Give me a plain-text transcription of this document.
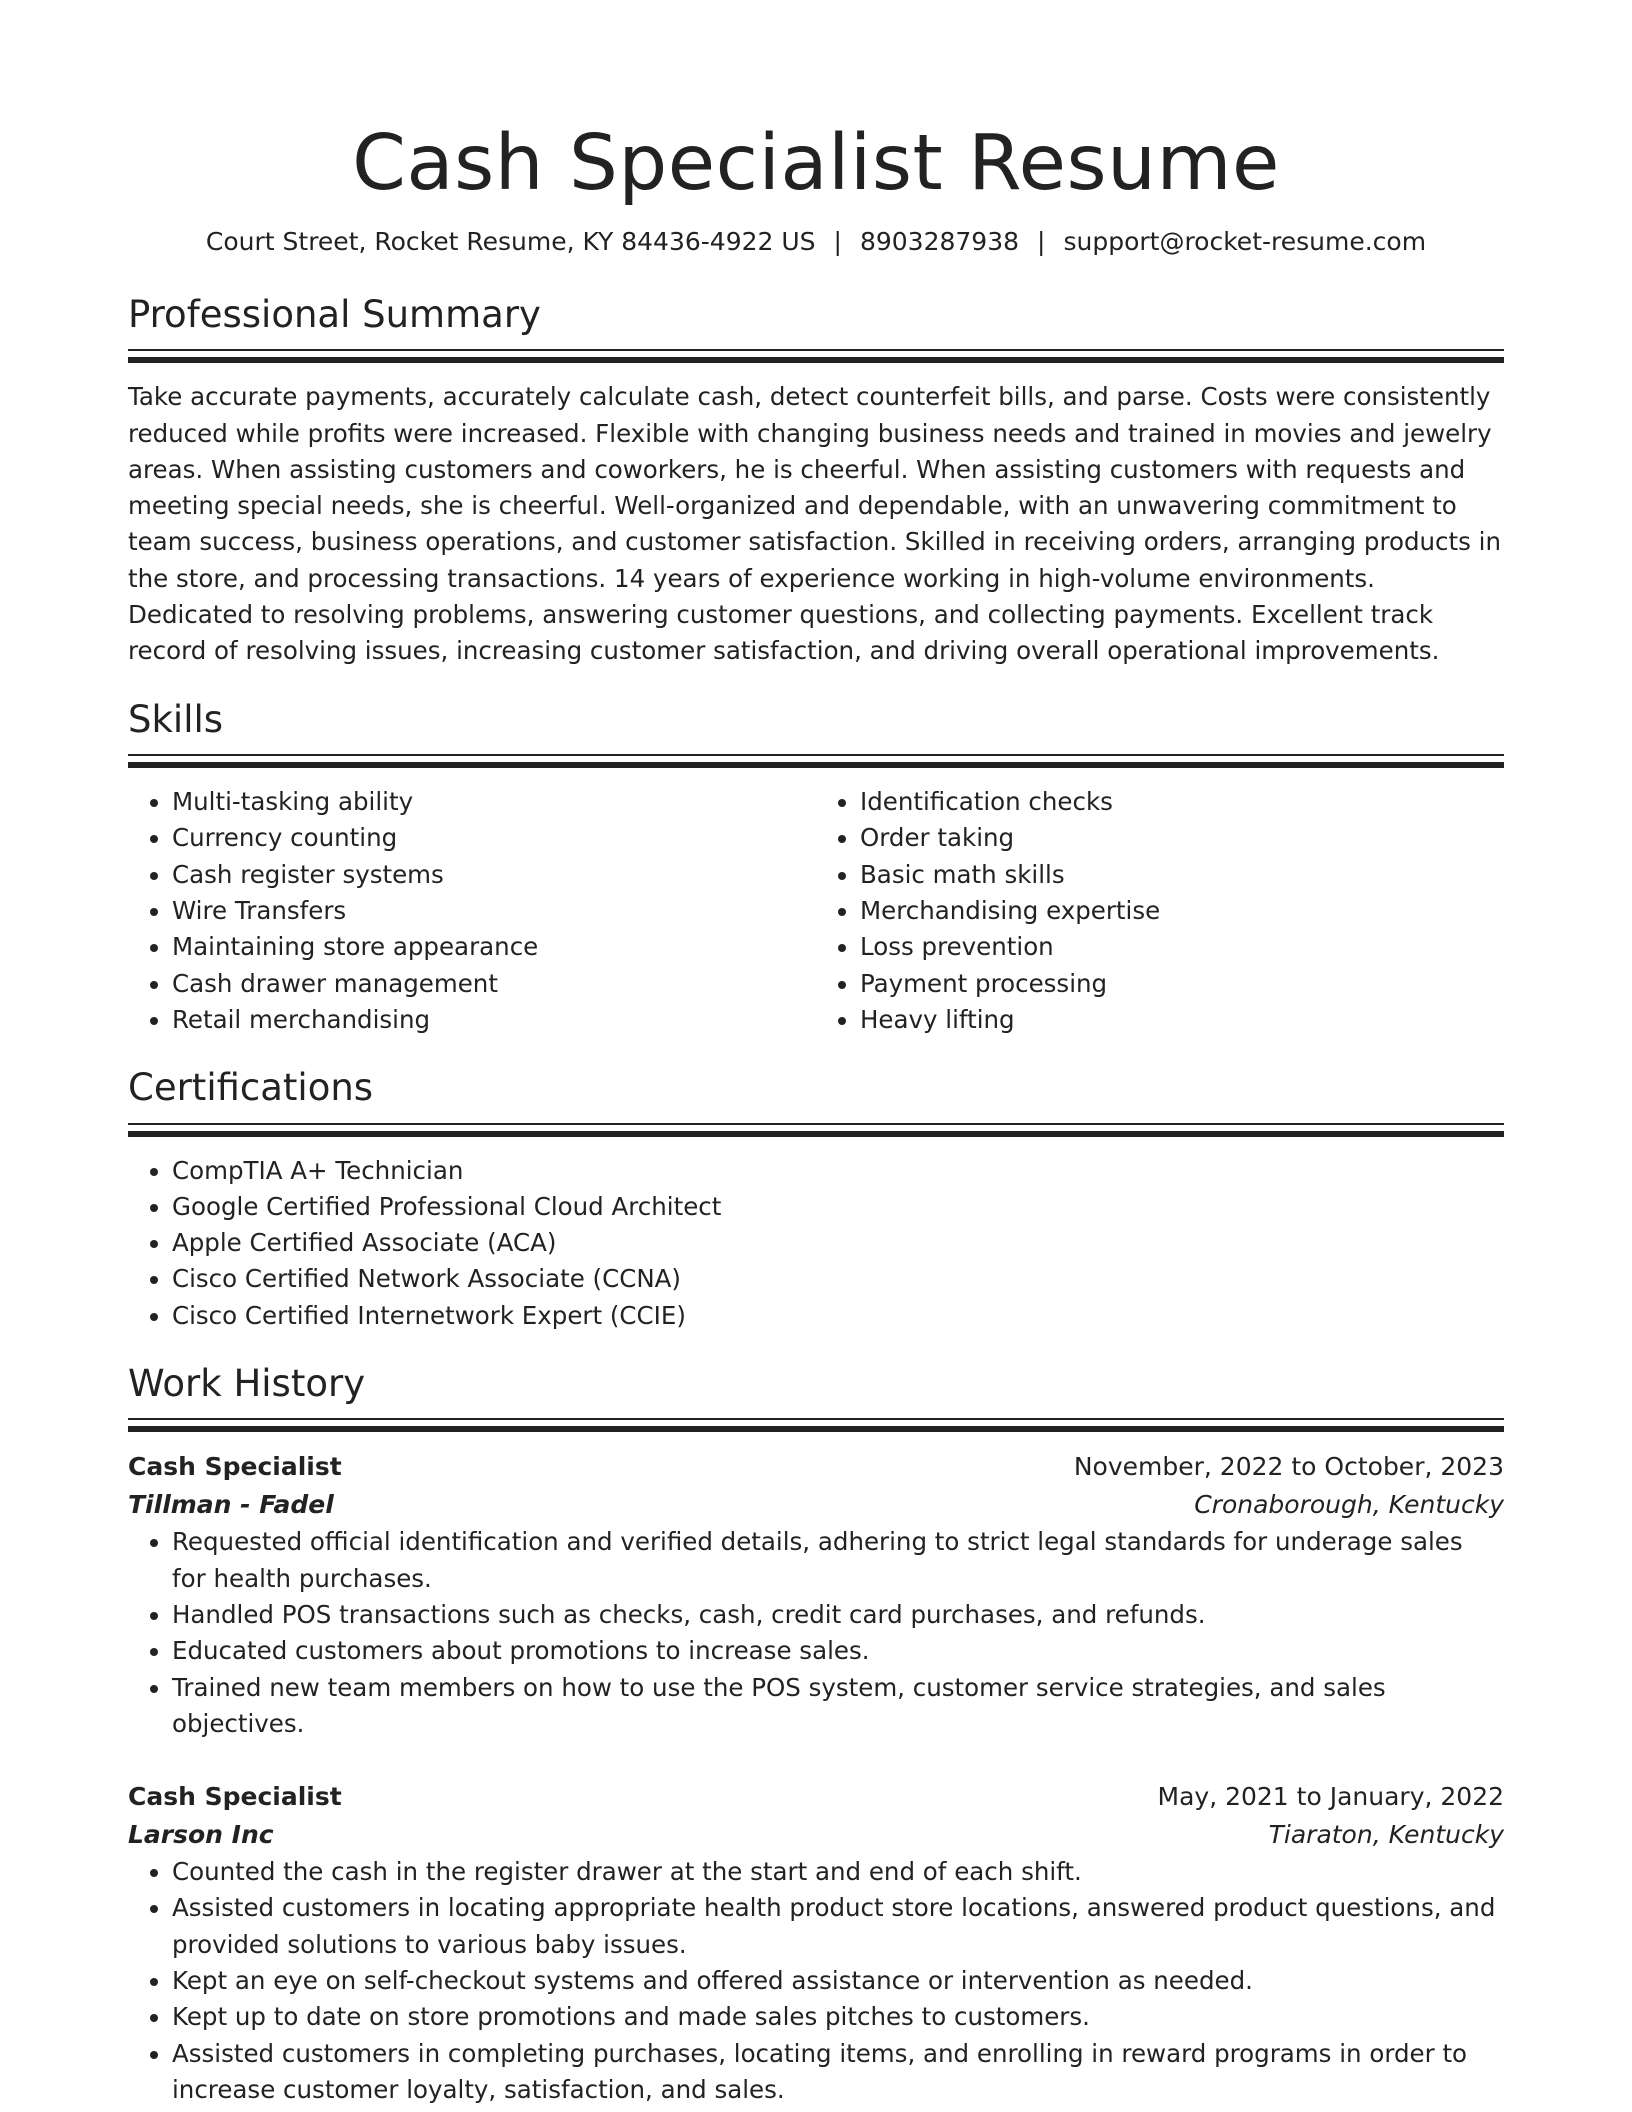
Cash Specialist Resume
Court Street, Rocket Resume, KY 84436-4922 US | 8903287938 | support@rocket-resume.com
Professional Summary

Take accurate payments, accurately calculate cash, detect counterfeit bills, and parse. Costs were consistently reduced while profits were increased. Flexible with changing business needs and trained in movies and jewelry areas. When assisting customers and coworkers, he is cheerful. When assisting customers with requests and meeting special needs, she is cheerful. Well-organized and dependable, with an unwavering commitment to team success, business operations, and customer satisfaction. Skilled in receiving orders, arranging products in the store, and processing transactions. 14 years of experience working in high-volume environments. Dedicated to resolving problems, answering customer questions, and collecting payments. Excellent track record of resolving issues, increasing customer satisfaction, and driving overall operational improvements.

Skills
• Multi-tasking ability
• Currency counting
• Cash register systems
• Wire Transfers
• Maintaining store appearance
• Cash drawer management
• Retail merchandising
• Identification checks
• Order taking
• Basic math skills
• Merchandising expertise
• Loss prevention
• Payment processing
• Heavy lifting
Certifications
• CompTIA A+ Technician
• Google Certified Professional Cloud Architect
• Apple Certified Associate (ACA)
• Cisco Certified Network Associate (CCNA)
• Cisco Certified Internetwork Expert (CCIE)
Work History
Cash Specialist	November, 2022 to October, 2023
Tillman - Fadel	Cronaborough, Kentucky
• Requested official identification and verified details, adhering to strict legal standards for underage sales for health purchases.
• Handled POS transactions such as checks, cash, credit card purchases, and refunds.
• Educated customers about promotions to increase sales.
• Trained new team members on how to use the POS system, customer service strategies, and sales objectives.
Cash Specialist	May, 2021 to January, 2022
Larson Inc	Tiaraton, Kentucky
• Counted the cash in the register drawer at the start and end of each shift.
• Assisted customers in locating appropriate health product store locations, answered product questions, and provided solutions to various baby issues.
• Kept an eye on self-checkout systems and offered assistance or intervention as needed.
• Kept up to date on store promotions and made sales pitches to customers.
• Assisted customers in completing purchases, locating items, and enrolling in reward programs in order to increase customer loyalty, satisfaction, and sales.
